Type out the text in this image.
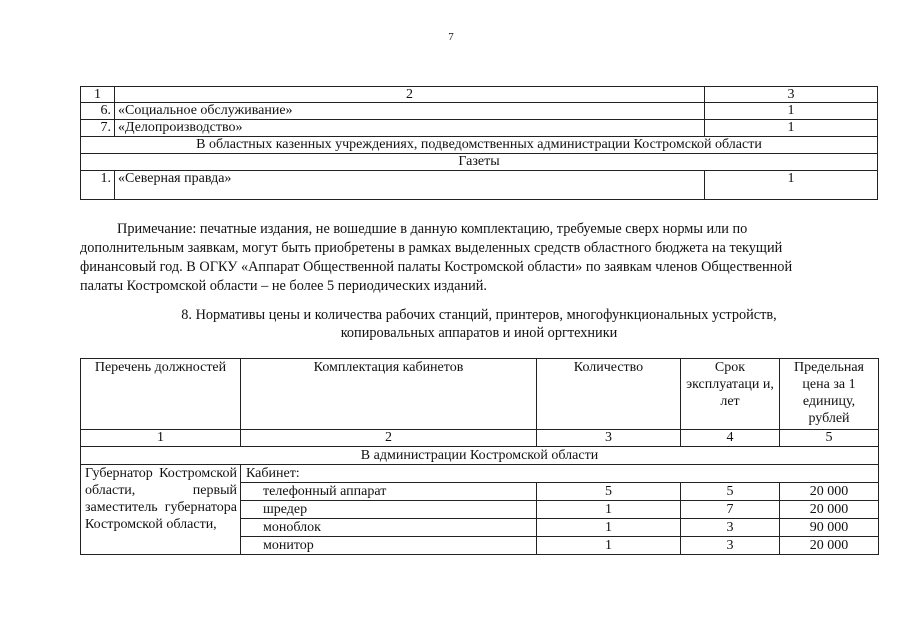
7
1	2	3
6.	«Социальное обслуживание»	1
7.	«Делопроизводство»	1
В областных казенных учреждениях, подведомственных администрации Костромской области		
Газеты		
1.	«Северная правда»	1
Примечание: печатные издания, не вошедшие в данную комплектацию, требуемые сверх нормы или по
дополнительным заявкам, могут быть приобретены в рамках выделенных средств областного бюджета на текущий
финансовый год. В ОГКУ «Аппарат Общественной палаты Костромской области» по заявкам членов Общественной
палаты Костромской области – не более 5 периодических изданий.
8. Нормативы цены и количества рабочих станций, принтеров, многофункциональных устройств,
копировальных аппаратов и иной оргтехники
Перечень должностей	Комплектация кабинетов	Количество	Срок эксплуатаци и, лет	Предельная цена за 1 единицу, рублей
1	2	3	4	5
В администрации Костромской области				
Губернатор Костромской области, первый заместитель губернатора Костромской области,	Кабинет:			
	телефонный аппарат	5	5	20 000
	шредер	1	7	20 000
	моноблок	1	3	90 000
	монитор	1	3	20 000
